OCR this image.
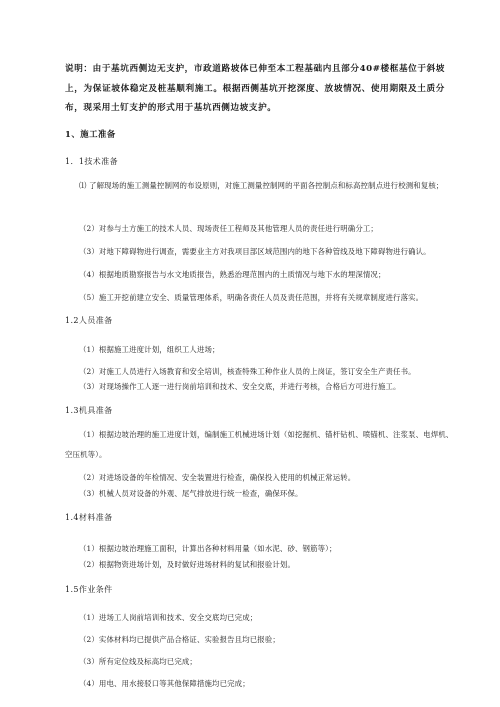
说明：由于基坑西侧边无支护，市政道路坡体已伸至本工程基础内且部分40#楼框基位于斜坡上，为保证坡体稳定及桩基顺利施工。根据西侧基坑开挖深度、放坡情况、使用期限及土质分布，现采用土钉支护的形式用于基坑西侧边坡支护。

1、施工准备
1．1技术准备
⑴ 了解现场的施工测量控制网的布设原则，对施工测量控制网的平面各控制点和标高控制点进行校测和复核；
（2）对参与土方施工的技术人员、现场责任工程师及其他管理人员的责任进行明确分工；
（3）对地下障碍物进行调查，需要业主方对我项目部区域范围内的地下各种管线及地下障碍物进行确认。
（4）根据地质勘察报告与水文地质报告，熟悉治理范围内的土质情况与地下水的埋深情况；
（5）施工开挖前建立安全、质量管理体系，明确各责任人员及责任范围，并将有关规章制度进行落实。
1.2人员准备
（1）根据施工进度计划，组织工人进场；
（2）对施工人员进行入场教育和安全培训，核查特殊工种作业人员的上岗证，签订安全生产责任书。
（3）对现场操作工人逐一进行岗前培训和技术、安全交底，并进行考核，合格后方可进行施工。
1.3机具准备
（1）根据边坡治理的施工进度计划，编制施工机械进场计划（如挖掘机、锚杆钻机、喷锚机、注浆泵、电焊机、空压机等）。
（2）对进场设备的年检情况、安全装置进行检查，确保投入使用的机械正常运转。
（3）机械人员对设备的外观、尾气排放进行统一检查，确保环保。
1.4材料准备
（1）根据边坡治理施工面积，计算出各种材料用量（如水泥、砂、钢筋等）；
（2）根据物资进场计划，及时做好进场材料的复试和报验计划。
1.5作业条件
（1）进场工人岗前培训和技术、安全交底均已完成；
（2）实体材料均已提供产品合格证、实验报告且均已报验；
（3）所有定位线及标高均已完成；
（4）用电、用水接驳口等其他保障措施均已完成；
